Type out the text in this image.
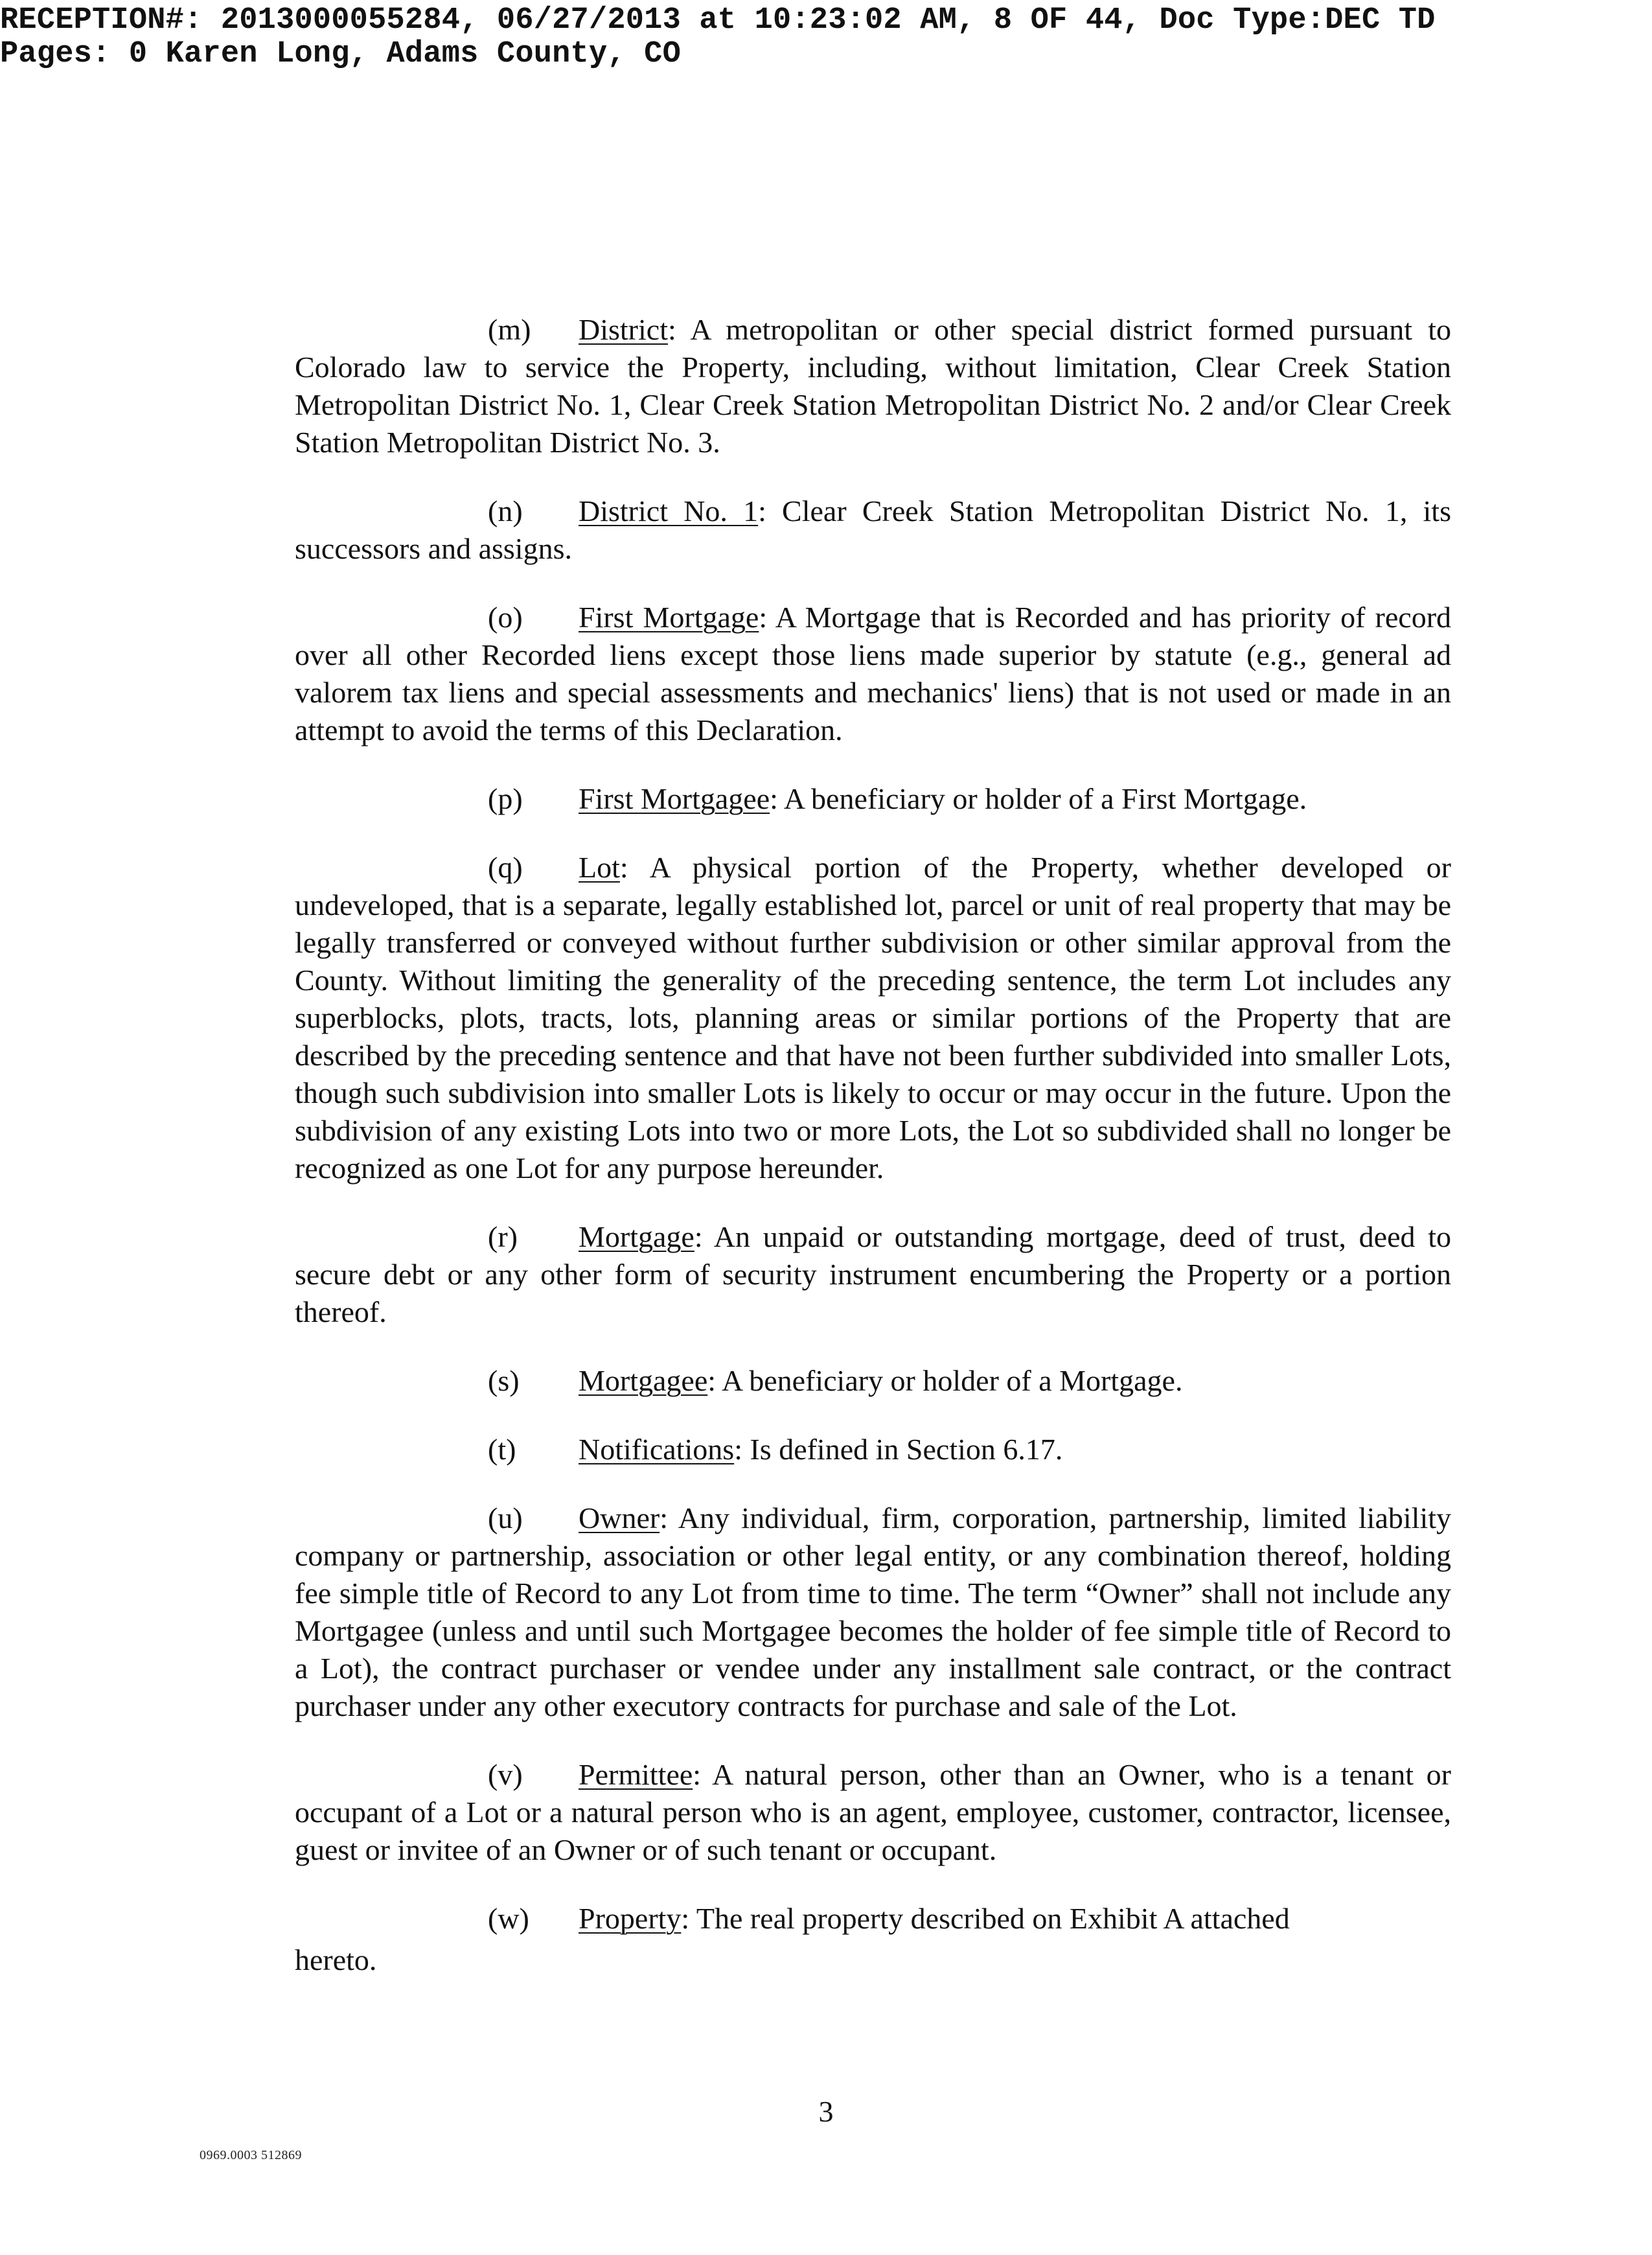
RECEPTION#: 2013000055284, 06/27/2013 at 10:23:02 AM, 8 OF 44, Doc Type:DEC TD
Pages: 0 Karen Long, Adams County, CO

(m) District: A metropolitan or other special district formed pursuant to Colorado law to service the Property, including, without limitation, Clear Creek Station Metropolitan District No. 1, Clear Creek Station Metropolitan District No. 2 and/or Clear Creek Station Metropolitan District No. 3.

(n) District No. 1: Clear Creek Station Metropolitan District No. 1, its successors and assigns.

(o) First Mortgage: A Mortgage that is Recorded and has priority of record over all other Recorded liens except those liens made superior by statute (e.g., general ad valorem tax liens and special assessments and mechanics' liens) that is not used or made in an attempt to avoid the terms of this Declaration.

(p) First Mortgagee: A beneficiary or holder of a First Mortgage.

(q) Lot: A physical portion of the Property, whether developed or undeveloped, that is a separate, legally established lot, parcel or unit of real property that may be legally transferred or conveyed without further subdivision or other similar approval from the County. Without limiting the generality of the preceding sentence, the term Lot includes any superblocks, plots, tracts, lots, planning areas or similar portions of the Property that are described by the preceding sentence and that have not been further subdivided into smaller Lots, though such subdivision into smaller Lots is likely to occur or may occur in the future. Upon the subdivision of any existing Lots into two or more Lots, the Lot so subdivided shall no longer be recognized as one Lot for any purpose hereunder.

(r) Mortgage: An unpaid or outstanding mortgage, deed of trust, deed to secure debt or any other form of security instrument encumbering the Property or a portion thereof.

(s) Mortgagee: A beneficiary or holder of a Mortgage.

(t) Notifications: Is defined in Section 6.17.

(u) Owner: Any individual, firm, corporation, partnership, limited liability company or partnership, association or other legal entity, or any combination thereof, holding fee simple title of Record to any Lot from time to time. The term “Owner” shall not include any Mortgagee (unless and until such Mortgagee becomes the holder of fee simple title of Record to a Lot), the contract purchaser or vendee under any installment sale contract, or the contract purchaser under any other executory contracts for purchase and sale of the Lot.

(v) Permittee: A natural person, other than an Owner, who is a tenant or occupant of a Lot or a natural person who is an agent, employee, customer, contractor, licensee, guest or invitee of an Owner or of such tenant or occupant.

(w) Property: The real property described on Exhibit A attached

hereto.
3
0969.0003 512869
